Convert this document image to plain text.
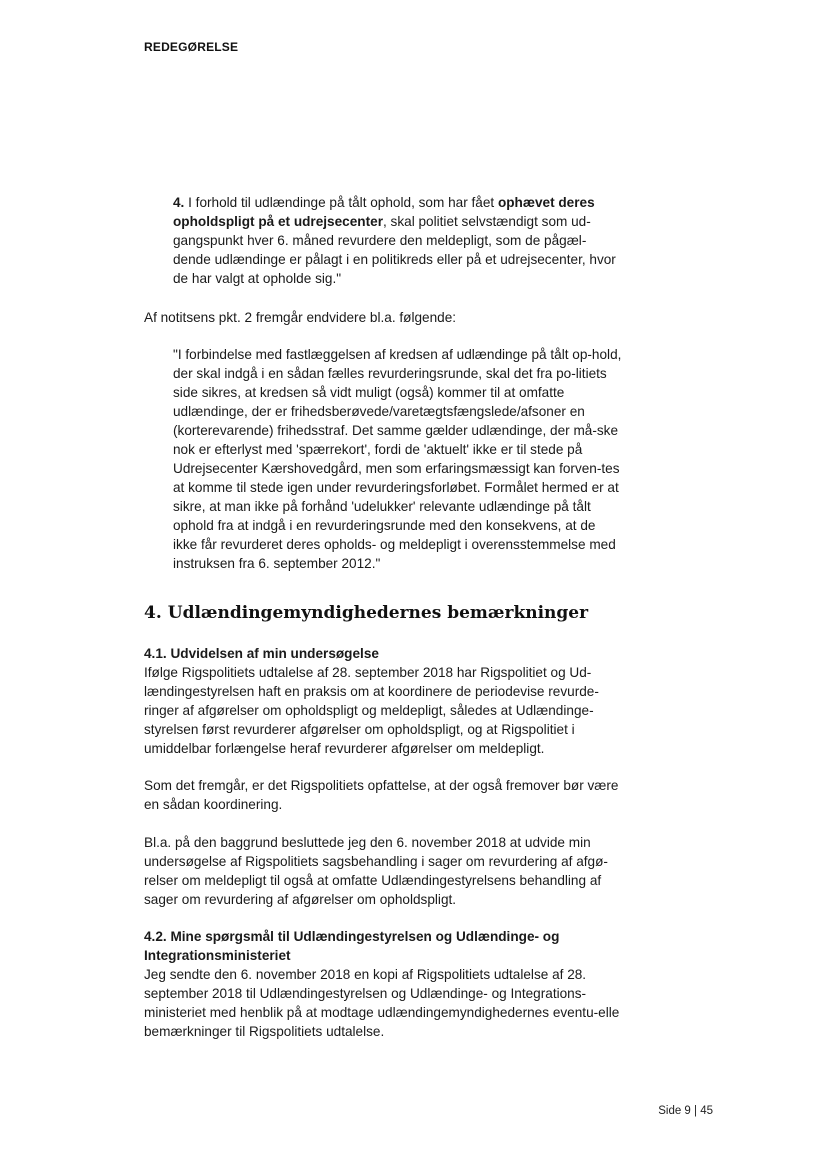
REDEGØRELSE

4. I forhold til udlændinge på tålt ophold, som har fået ophævet deres opholdspligt på et udrejsecenter, skal politiet selvstændigt som ud-gangspunkt hver 6. måned revurdere den meldepligt, som de pågæl-dende udlændinge er pålagt i en politikreds eller på et udrejsecenter, hvor de har valgt at opholde sig."

Af notitsens pkt. 2 fremgår endvidere bl.a. følgende:

"I forbindelse med fastlæggelsen af kredsen af udlændinge på tålt op-hold, der skal indgå i en sådan fælles revurderingsrunde, skal det fra po-litiets side sikres, at kredsen så vidt muligt (også) kommer til at omfatte udlændinge, der er frihedsberøvede/varetægtsfængslede/afsoner en (korterevarende) frihedsstraf. Det samme gælder udlændinge, der må-ske nok er efterlyst med 'spærrekort', fordi de 'aktuelt' ikke er til stede på Udrejsecenter Kærshovedgård, men som erfaringsmæssigt kan forven-tes at komme til stede igen under revurderingsforløbet. Formålet hermed er at sikre, at man ikke på forhånd 'udelukker' relevante udlændinge på tålt ophold fra at indgå i en revurderingsrunde med den konsekvens, at de ikke får revurderet deres opholds- og meldepligt i overensstemmelse med instruksen fra 6. september 2012."

4. Udlændingemyndighedernes bemærkninger
4.1. Udvidelsen af min undersøgelse
Ifølge Rigspolitiets udtalelse af 28. september 2018 har Rigspolitiet og Ud-lændingestyrelsen haft en praksis om at koordinere de periodevise revurde-ringer af afgørelser om opholdspligt og meldepligt, således at Udlændinge-styrelsen først revurderer afgørelser om opholdspligt, og at Rigspolitiet i umiddelbar forlængelse heraf revurderer afgørelser om meldepligt.

Som det fremgår, er det Rigspolitiets opfattelse, at der også fremover bør være en sådan koordinering.

Bl.a. på den baggrund besluttede jeg den 6. november 2018 at udvide min undersøgelse af Rigspolitiets sagsbehandling i sager om revurdering af afgø-relser om meldepligt til også at omfatte Udlændingestyrelsens behandling af sager om revurdering af afgørelser om opholdspligt.

4.2. Mine spørgsmål til Udlændingestyrelsen og Udlændinge- og Integrationsministeriet
Jeg sendte den 6. november 2018 en kopi af Rigspolitiets udtalelse af 28. september 2018 til Udlændingestyrelsen og Udlændinge- og Integrations-ministeriet med henblik på at modtage udlændingemyndighedernes eventu-elle bemærkninger til Rigspolitiets udtalelse.
Side 9 | 45
